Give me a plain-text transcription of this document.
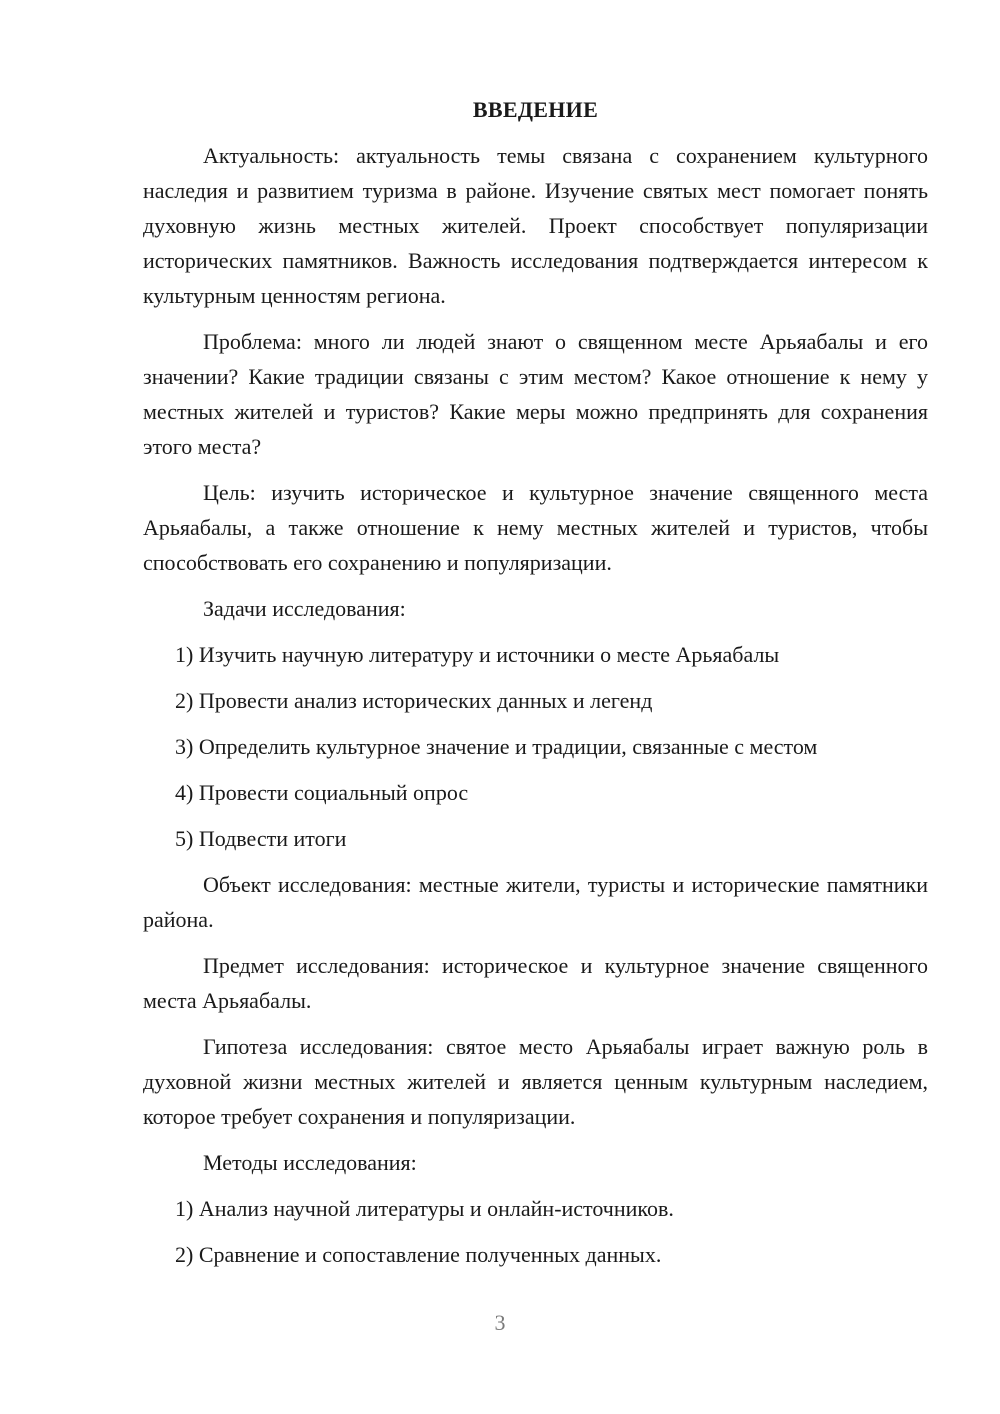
ВВЕДЕНИЕ

Актуальность: актуальность темы связана с сохранением культурного наследия и развитием туризма в районе. Изучение святых мест помогает понять духовную жизнь местных жителей. Проект способствует популяризации исторических памятников. Важность исследования подтверждается интересом к культурным ценностям региона.

Проблема: много ли людей знают о священном месте Арьяабалы и его значении? Какие традиции связаны с этим местом? Какое отношение к нему у местных жителей и туристов? Какие меры можно предпринять для сохранения этого места?

Цель: изучить историческое и культурное значение священного места Арьяабалы, а также отношение к нему местных жителей и туристов, чтобы способствовать его сохранению и популяризации.

Задачи исследования:

1) Изучить научную литературу и источники о месте Арьяабалы

2) Провести анализ исторических данных и легенд

3) Определить культурное значение и традиции, связанные с местом

4) Провести социальный опрос

5) Подвести итоги

Объект исследования: местные жители, туристы и исторические памятники района.

Предмет исследования: историческое и культурное значение священного места Арьяабалы.

Гипотеза исследования: святое место Арьяабалы играет важную роль в духовной жизни местных жителей и является ценным культурным наследием, которое требует сохранения и популяризации.

Методы исследования:

1) Анализ научной литературы и онлайн-источников.

2) Сравнение и сопоставление полученных данных.

3
